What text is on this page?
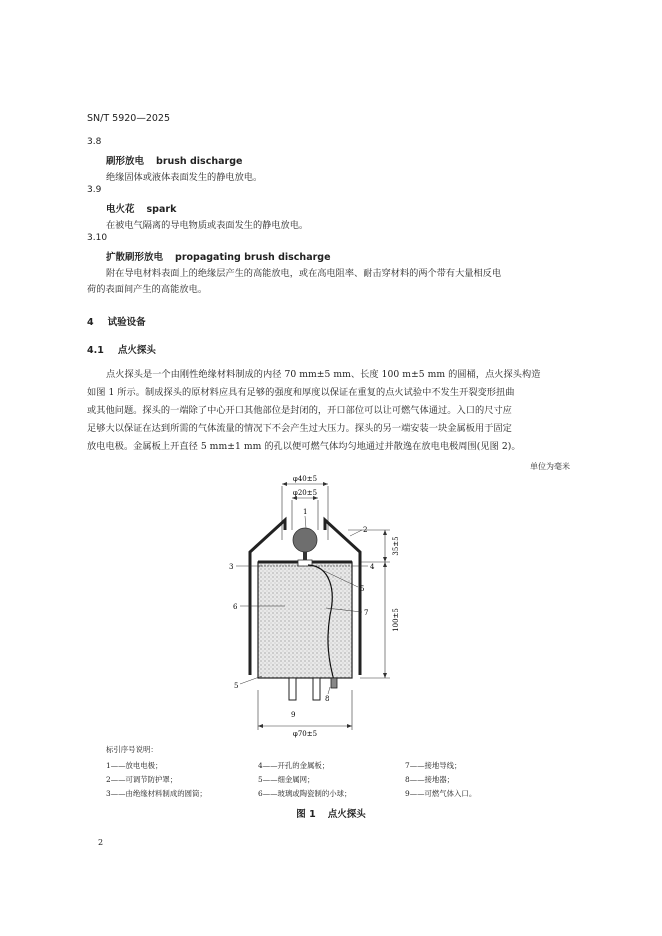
SN/T 5920—2025
3.8
刷形放电 brush discharge
绝缘固体或液体表面发生的静电放电。
3.9
电火花 spark
在被电气隔离的导电物质或表面发生的静电放电。
3.10
扩散刷形放电 propagating brush discharge
附在导电材料表面上的绝缘层产生的高能放电，或在高电阻率、耐击穿材料的两个带有大量相反电
荷的表面间产生的高能放电。
4 试验设备
4.1 点火探头
点火探头是一个由刚性绝缘材料制成的内径 70 mm±5 mm、长度 100 m±5 mm 的圆桶，点火探头构造
如图 1 所示。制成探头的原材料应具有足够的强度和厚度以保证在重复的点火试验中不发生开裂变形扭曲
或其他问题。探头的一端除了中心开口其他部位是封闭的，开口部位可以让可燃气体通过。入口的尺寸应
足够大以保证在达到所需的气体流量的情况下不会产生过大压力。探头的另一端安装一块金属板用于固定
放电电极。金属板上开直径 5 mm±1 mm 的孔以便可燃气体均匀地通过并散逸在放电电极周围(见图 2)。
单位为毫米
φ40±5
φ20±5
35±5
100±5
φ70±5
1
2
3	4
5
6
7
8
9
5
标引序号说明：
1——放电电极；	4——开孔的金属板；	7——接地导线；
2——可调节防护罩；	5——细金属网；	8——接地器；
3——由绝缘材料制成的圆筒；	6——玻璃或陶瓷制的小球；	9——可燃气体入口。
图 1 点火探头
2
